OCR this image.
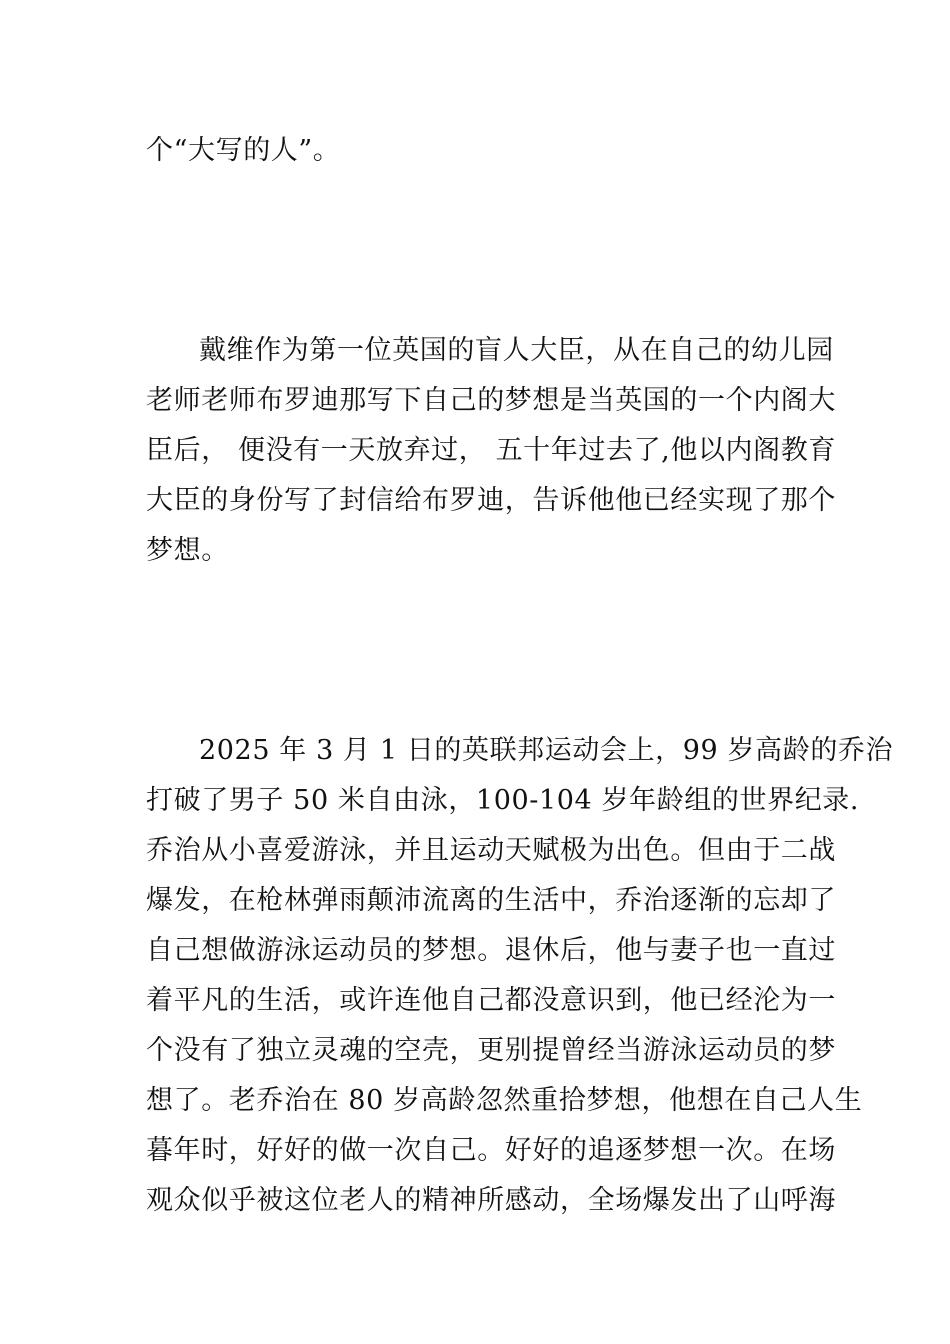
个“大写的人”。
戴维作为第一位英国的盲人大臣，从在自己的幼儿园
老师老师布罗迪那写下自己的梦想是当英国的一个内阁大
臣后， 便没有一天放弃过， 五十年过去了,他以内阁教育
大臣的身份写了封信给布罗迪，告诉他他已经实现了那个
梦想。
2025 年 3 月 1 日的英联邦运动会上，99 岁高龄的乔治
打破了男子 50 米自由泳，100-104 岁年龄组的世界纪录.
乔治从小喜爱游泳，并且运动天赋极为出色。但由于二战
爆发，在枪林弹雨颠沛流离的生活中，乔治逐渐的忘却了
自己想做游泳运动员的梦想。退休后，他与妻子也一直过
着平凡的生活，或许连他自己都没意识到，他已经沦为一
个没有了独立灵魂的空壳，更别提曾经当游泳运动员的梦
想了。老乔治在 80 岁高龄忽然重拾梦想，他想在自己人生
暮年时，好好的做一次自己。好好的追逐梦想一次。在场
观众似乎被这位老人的精神所感动，全场爆发出了山呼海
